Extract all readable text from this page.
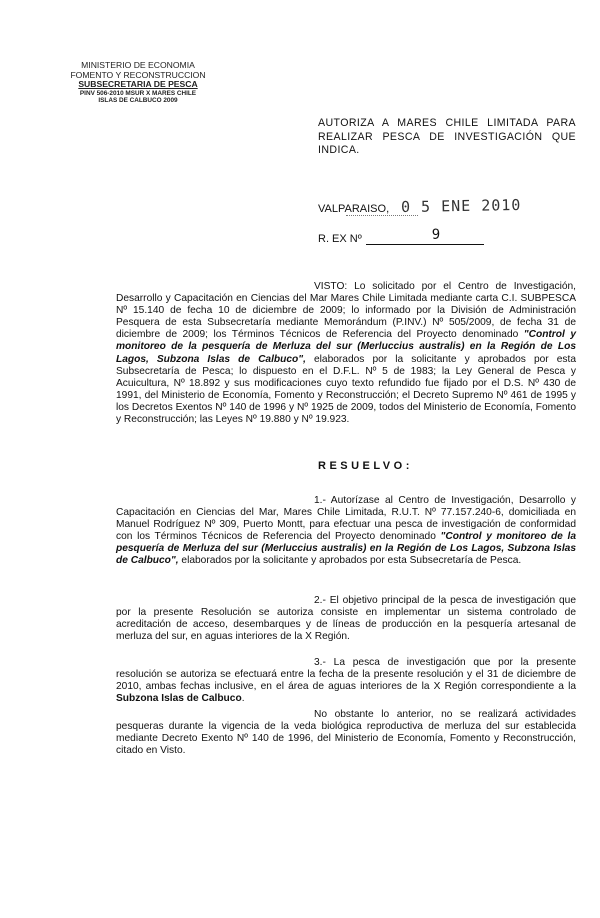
MINISTERIO DE ECONOMIA
FOMENTO Y RECONSTRUCCION
SUBSECRETARIA DE PESCA
PINV 506-2010 MSUR X MARES CHILE
ISLAS DE CALBUCO 2009
AUTORIZA A MARES CHILE LIMITADA PARA REALIZAR PESCA DE INVESTIGACIÓN QUE INDICA.
VALPARAISO, 0 5 ENE 2010
R. EX Nº	9
VISTO: Lo solicitado por el Centro de Investigación, Desarrollo y Capacitación en Ciencias del Mar Mares Chile Limitada mediante carta C.I. SUBPESCA Nº 15.140 de fecha 10 de diciembre de 2009; lo informado por la División de Administración Pesquera de esta Subsecretaría mediante Memorándum (P.INV.) Nº 505/2009, de fecha 31 de diciembre de 2009; los Términos Técnicos de Referencia del Proyecto denominado "Control y monitoreo de la pesquería de Merluza del sur (Merluccius australis) en la Región de Los Lagos, Subzona Islas de Calbuco", elaborados por la solicitante y aprobados por esta Subsecretaría de Pesca; lo dispuesto en el D.F.L. Nº 5 de 1983; la Ley General de Pesca y Acuicultura, Nº 18.892 y sus modificaciones cuyo texto refundido fue fijado por el D.S. Nº 430 de 1991, del Ministerio de Economía, Fomento y Reconstrucción; el Decreto Supremo Nº 461 de 1995 y los Decretos Exentos Nº 140 de 1996 y Nº 1925 de 2009, todos del Ministerio de Economía, Fomento y Reconstrucción; las Leyes Nº 19.880 y Nº 19.923.
RESUELVO:
1.- Autorízase al Centro de Investigación, Desarrollo y Capacitación en Ciencias del Mar, Mares Chile Limitada, R.U.T. Nº 77.157.240-6, domiciliada en Manuel Rodríguez Nº 309, Puerto Montt, para efectuar una pesca de investigación de conformidad con los Términos Técnicos de Referencia del Proyecto denominado "Control y monitoreo de la pesquería de Merluza del sur (Merluccius australis) en la Región de Los Lagos, Subzona Islas de Calbuco", elaborados por la solicitante y aprobados por esta Subsecretaría de Pesca.
2.- El objetivo principal de la pesca de investigación que por la presente Resolución se autoriza consiste en implementar un sistema controlado de acreditación de acceso, desembarques y de líneas de producción en la pesquería artesanal de merluza del sur, en aguas interiores de la X Región.
3.- La pesca de investigación que por la presente resolución se autoriza se efectuará entre la fecha de la presente resolución y el 31 de diciembre de 2010, ambas fechas inclusive, en el área de aguas interiores de la X Región correspondiente a la Subzona Islas de Calbuco.
No obstante lo anterior, no se realizará actividades pesqueras durante la vigencia de la veda biológica reproductiva de merluza del sur establecida mediante Decreto Exento Nº 140 de 1996, del Ministerio de Economía, Fomento y Reconstrucción, citado en Visto.
